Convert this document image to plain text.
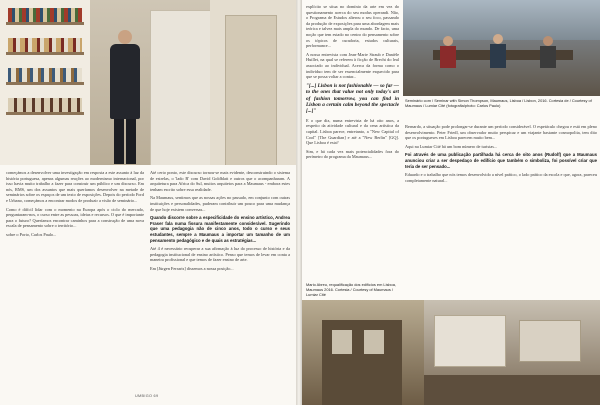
começámos a desenvolver uma investigação em resposta a este assunto à luz da história portuguesa, apenas algumas reações ao modernismo internacional, por isso havia muito trabalho a fazer para construir um público e um discurso. Em nós, RMS, um dos assuntos que mais queríamos desenvolver na metade de seminários sobre os espaços de um texto de exposições. Depois do período Ford e Urbano, começámos a encontrar modos de produzir a visão de seminário...

Como é difícil lidar com o momento na Europa após o ciclo do mercado, perguntaram-nos, o curso entre as pessoas, ideias e recursos. O que é importante para o futuro? Queríamos encontrar caminhos para a construção de uma nova escala de pensamento sobre o território...

sobre o Porto, Carlos Paulo...

Até certo ponto, este discurso tornou-se mais evidente, desconstruindo o sistema de estrelas, o 'lado B' com David Goldblatt e outros que o acompanharam. A arquitetura para Africa do Sul, muitos arquitetos para a Maumaus - embora estes tenham escrito sobre essa realidade.

Na Maumaus, sentimos que as nossas ações no passado, em conjunto com outras instituições e personalidades, puderam contribuir um pouco para uma mudança de que hoje existem conversas...

Quando discorre sobre a especificidade do ensino artístico, Andrea Fraser fala numa fissura manifestamente considerável. Sugerindo que uma pedagogia não de cinco anos, todo o curso e seus estudantes, sempre a Maumaus a importar um tamanho de um pensamento pedagógico e de quais as estratégias...

Até 4 é necessário recuperar a sua afirmação à luz do processo de história e da pedagogia institucional de ensino artístico. Penso que temos de levar em conta a maneira profissional e que temos de fazer ensino de arte.

Em [Jürgen Ferraris] dissemos a nossa posição...

UMBIGO 69

explícito se situa no domínio da arte em vez do questionamento acerca do seu modus operandi. Não, o Programa de Estudos alterou o seu foco, passando da produção de exposições para uma abordagem mais teórica e talvez mais ampla do mundo. De facto, uma noção que tem estado no centro do pensamento sobre os tópicos de curadoria, estudos culturais, performance...

A nossa entrevista com Jean-Marie Straub e Danièle Huillet, na qual se referem à ficção de Brecht do leal associado ao individual. Acerca da forma como o indivíduo tem de ser essencialmente esquecido para que se possa voltar a contar...

"[...] Lisbon is not fashionable — so far — to the ones that value not only today's art of fashion tomorrow, you can find in Lisbon a certain calm beyond the spectacle [...]"

E o que diz, numa entrevista de há oito anos, a respeito da atividade cultural e da cena artística da capital. Lisboa parece, entretanto, a "New Capital of Cool" [The Guardian] e até a "New Berlin" [GQ]. Que Lisboa é esta?

Sim, e há cada vez mais potencialidades fora do perímetro do programa da Maumaus...

Mario Abreu, requalificação dos edifícios em Lisboa, Maumaus 2016. Cortesia / Courtesy of Maumaus / Lumiar Cité
Seminário com / Seminar with Simon Thompson, Maumaus, Lisboa / Lisbon, 2016. Cortesia de / Courtesy of Maumaus / Lumiar Cité (fotografia/photo: Carlos Paulo)

Bernardo, a situação pode prolongar-se durante um período considerável. O espetáculo chegou e está em pleno desenvolvimento. Peter Friedl, um observador muito perspicaz e um viajante bastante cosmopolita, tem dito que os portugueses em Lisboa parecem muito bem...

Aqui na Lumiar Cité há um bom número de turistas...

Foi através de uma publicação partilhada há cerca de oito anos (Rudolf) que a Maumaus anunciou criar a ser despedaço de edifício que também o simboliza, foi possível criar que teria de ser pensado...

Eduardo e o trabalho que nós temos desenvolvido a nível prático, o lado prático da escola e que, agora, pareceu completamente natural...
